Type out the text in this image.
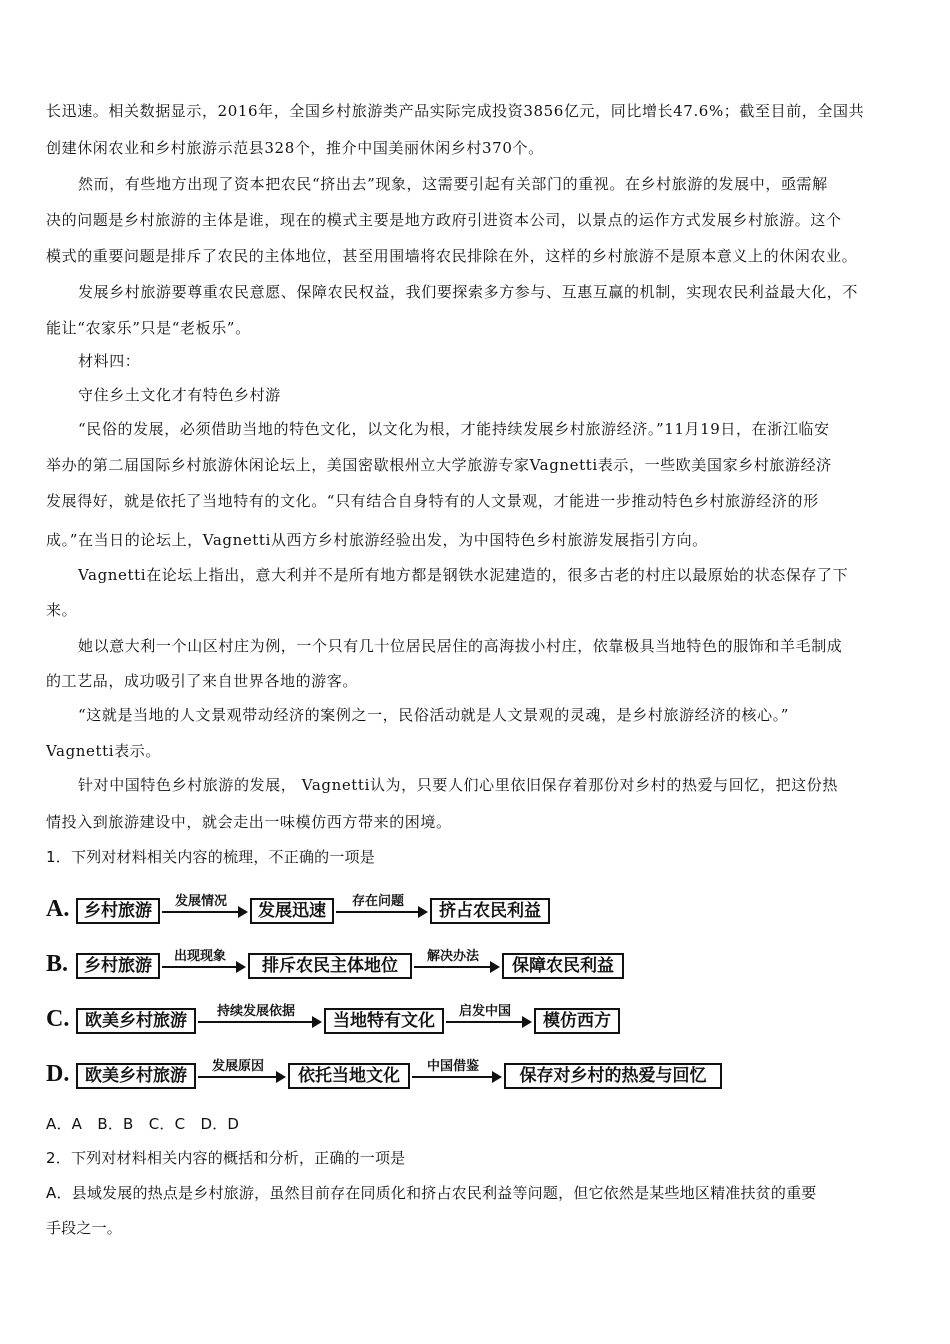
长迅速。相关数据显示，2016年，全国乡村旅游类产品实际完成投资3856亿元，同比增长47.6%；截至目前，全国共
创建休闲农业和乡村旅游示范县328个，推介中国美丽休闲乡村370个。
然而，有些地方出现了资本把农民“挤出去”现象，这需要引起有关部门的重视。在乡村旅游的发展中，亟需解
决的问题是乡村旅游的主体是谁，现在的模式主要是地方政府引进资本公司，以景点的运作方式发展乡村旅游。这个
模式的重要问题是排斥了农民的主体地位，甚至用围墙将农民排除在外，这样的乡村旅游不是原本意义上的休闲农业。
发展乡村旅游要尊重农民意愿、保障农民权益，我们要探索多方参与、互惠互赢的机制，实现农民利益最大化，不
能让“农家乐”只是“老板乐”。
材料四：
守住乡土文化才有特色乡村游
“民俗的发展，必须借助当地的特色文化，以文化为根，才能持续发展乡村旅游经济。”11月19日，在浙江临安
举办的第二届国际乡村旅游休闲论坛上，美国密歇根州立大学旅游专家Vagnetti表示，一些欧美国家乡村旅游经济
发展得好，就是依托了当地特有的文化。“只有结合自身特有的人文景观，才能进一步推动特色乡村旅游经济的形
成。”在当日的论坛上，Vagnetti从西方乡村旅游经验出发，为中国特色乡村旅游发展指引方向。
Vagnetti在论坛上指出，意大利并不是所有地方都是钢铁水泥建造的，很多古老的村庄以最原始的状态保存了下
来。
她以意大利一个山区村庄为例，一个只有几十位居民居住的高海拔小村庄，依靠极具当地特色的服饰和羊毛制成
的工艺品，成功吸引了来自世界各地的游客。
“这就是当地的人文景观带动经济的案例之一，民俗活动就是人文景观的灵魂，是乡村旅游经济的核心。”
Vagnetti表示。
针对中国特色乡村旅游的发展， Vagnetti认为，只要人们心里依旧保存着那份对乡村的热爱与回忆，把这份热
情投入到旅游建设中，就会走出一味模仿西方带来的困境。
1．下列对材料相关内容的梳理，不正确的一项是
A. 乡村旅游	发展情况	发展迅速	存在问题	挤占农民利益
B. 乡村旅游	出现现象	排斥农民主体地位	解决办法	保障农民利益
C. 欧美乡村旅游	持续发展依据	当地特有文化	启发中国	模仿西方
D. 欧美乡村旅游	发展原因	依托当地文化	中国借鉴	保存对乡村的热爱与回忆
A．A　B．B　C．C　D．D
2．下列对材料相关内容的概括和分析，正确的一项是
A．县域发展的热点是乡村旅游，虽然目前存在同质化和挤占农民利益等问题，但它依然是某些地区精准扶贫的重要
手段之一。
